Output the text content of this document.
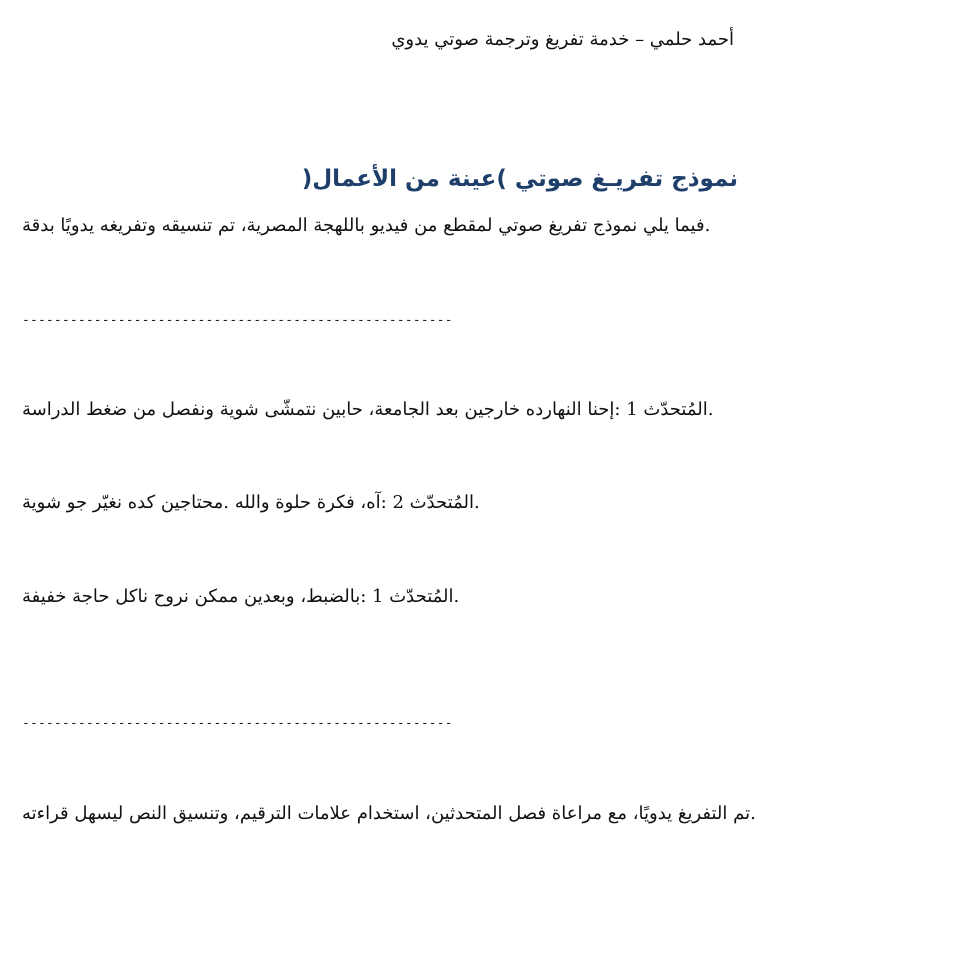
أحمد حلمي – خدمة تفريغ وترجمة صوتي يدوي
نموذج تفريـغ صوتي )عينة من الأعمال(
.فيما يلي نموذج تفريغ صوتي لمقطع من فيديو باللهجة المصرية، تم تنسيقه وتفريغه يدويًا بدقة
------------------------------------------------------
.المُتحدّث 1 :إحنا النهارده خارجين بعد الجامعة، حابين نتمشّى شوية ونفصل من ضغط الدراسة
.المُتحدّث 2 :آه، فكرة حلوة والله .محتاجين كده نغيّر جو شوية
.المُتحدّث 1 :بالضبط، وبعدين ممكن نروح ناكل حاجة خفيفة
------------------------------------------------------
.تم التفريغ يدويًا، مع مراعاة فصل المتحدثين، استخدام علامات الترقيم، وتنسيق النص ليسهل قراءته
